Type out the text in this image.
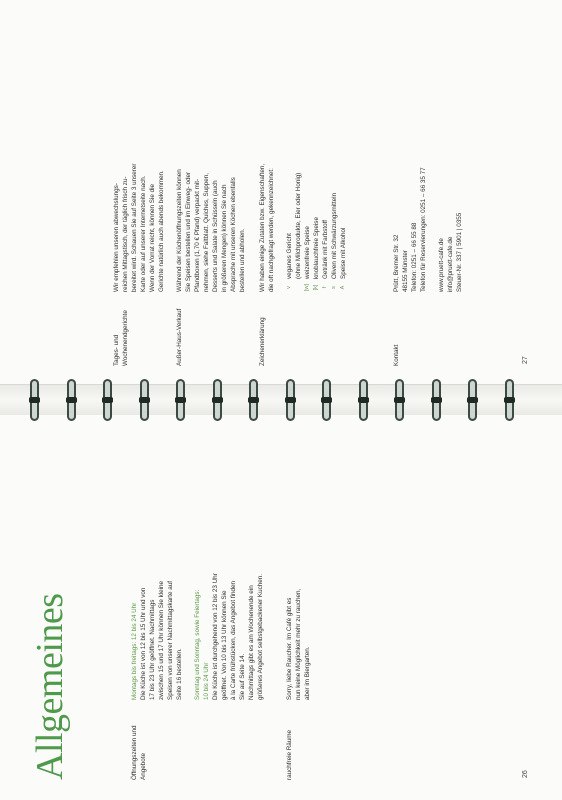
Allgemeines	Öffnungszeiten und Angebote
Montags bis freitags: 12 bis 24 Uhr Die Küche ist von 12 bis 15 Uhr und von 17 bis 23 Uhr geöffnet. Nachmittags zwischen 15 und 17 Uhr können Sie kleine Speisen von unserer Nachmittagskarte auf Seite 16 bestellen. Sonntag und Sonntag, sowie Feiertags: 10 bis 24 Uhr Die Küche ist durchgehend von 12 bis 23 Uhr geöffnet. Von 10 bis 13 Uhr können Sie à la Carte frühstücken, das Angebot finden Sie auf Seite 14. Nachmittags gibt es am Wochenende ein größeres Angebot selbstgebackener Kuchen.
rauchfreie Räume
Sorry, liebe Raucher. Im Café gibt es nun keine Möglichkeit mehr zu rauchen, aber im Biergarten.
26
Tages- und Wochenendgerichte
Wir empfehlen unseren abwechslungs- reichen Mittagstisch, der täglich frisch zu- bereitet wird. Schauen Sie auf Seite 3 unserer Karte oder auf unserer Internetseite nach. Wenn der Vorrat reicht, können Sie die Gerichte natürlich auch abends bekommen.
Außer-Haus-Verkauf
Während der Küchenöffnungszeiten können Sie Speisen bestellen und im Einweg- oder Pfandboxen (1,70 € Pfand) verpackt mit- nehmen, siehe Faltblatt. Quiches, Suppen, Desserts und Salate in Schüsseln (auch in größeren Mengen) können Sie nach Absprache mit unseren Köchen ebenfalls bestellen und abholen.
Zeichenerklärung
Wir haben einige Zutaten bzw. Eigenschaften, die oft nachgefragt werden, gekennzeichnet: v
veganes Gericht (ohne Milchprodukte, Eier oder Honig)
[w]
weizenfreie Speise
[k]
knoblauchfreie Speise
f
Getränk mit Farbstoff
s
Oliven mit Schwärzungsmitteln
A
Speise mit Alkohol
Kontakt
Prütt, Bremer Str. 32 48155 Münster Telefon: 0251 – 66 55 88 Telefon für Reservierungen: 0251 – 66 35 77 www.pruett-cafe.de info@pruett-cafe.de Steuer-Nr. 337 | 5901 | 0355
27
